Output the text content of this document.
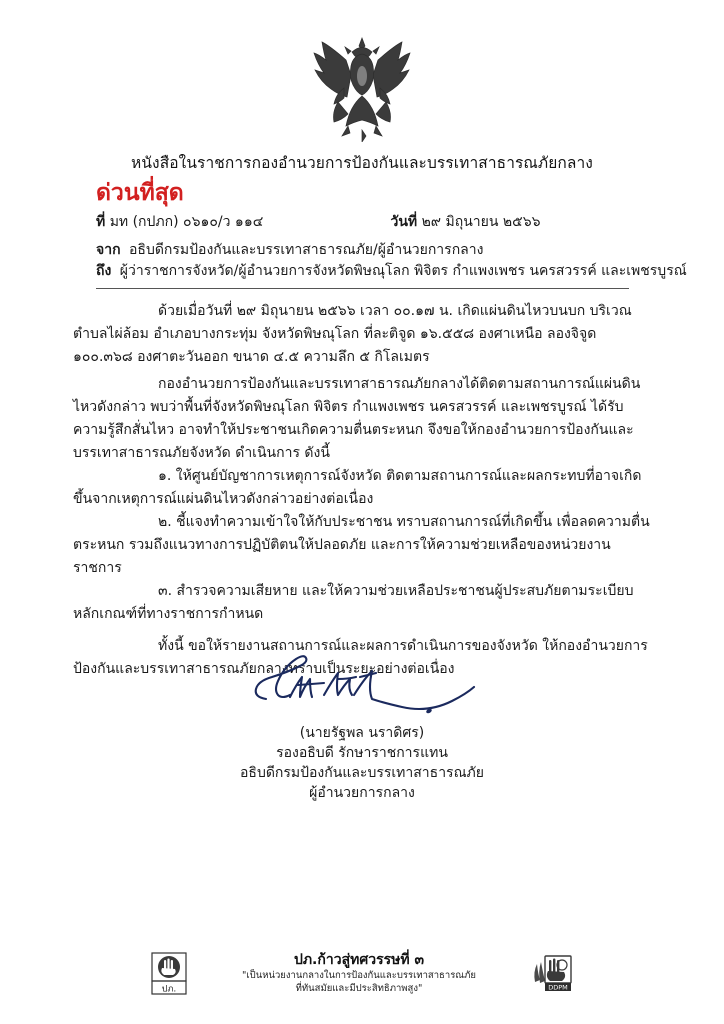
หนังสือในราชการกองอำนวยการป้องกันและบรรเทาสาธารณภัยกลาง
ด่วนที่สุด
ที่ มท (กปภก) ๐๖๑๐/ว ๑๑๔	วันที่ ๒๙ มิถุนายน ๒๕๖๖
จาก อธิบดีกรมป้องกันและบรรเทาสาธารณภัย/ผู้อำนวยการกลาง
ถึง ผู้ว่าราชการจังหวัด/ผู้อำนวยการจังหวัดพิษณุโลก พิจิตร กำแพงเพชร นครสวรรค์ และเพชรบูรณ์

ด้วยเมื่อวันที่ ๒๙ มิถุนายน ๒๕๖๖ เวลา ๐๐.๑๗ น. เกิดแผ่นดินไหวบนบก บริเวณ ตำบลไผ่ล้อม อำเภอบางกระทุ่ม จังหวัดพิษณุโลก ที่ละติจูด ๑๖.๕๕๘ องศาเหนือ ลองจิจูด ๑๐๐.๓๖๘ องศาตะวันออก ขนาด ๔.๕ ความลึก ๕ กิโลเมตร

กองอำนวยการป้องกันและบรรเทาสาธารณภัยกลางได้ติดตามสถานการณ์แผ่นดินไหวดังกล่าว พบว่าพื้นที่จังหวัดพิษณุโลก พิจิตร กำแพงเพชร นครสวรรค์ และเพชรบูรณ์ ได้รับความรู้สึกสั่นไหว อาจทำให้ประชาชนเกิดความตื่นตระหนก จึงขอให้กองอำนวยการป้องกันและบรรเทาสาธารณภัยจังหวัด ดำเนินการ ดังนี้

๑. ให้ศูนย์บัญชาการเหตุการณ์จังหวัด ติดตามสถานการณ์และผลกระทบที่อาจเกิดขึ้นจากเหตุการณ์แผ่นดินไหวดังกล่าวอย่างต่อเนื่อง

๒. ชี้แจงทำความเข้าใจให้กับประชาชน ทราบสถานการณ์ที่เกิดขึ้น เพื่อลดความตื่นตระหนก รวมถึงแนวทางการปฏิบัติตนให้ปลอดภัย และการให้ความช่วยเหลือของหน่วยงานราชการ

๓. สำรวจความเสียหาย และให้ความช่วยเหลือประชาชนผู้ประสบภัยตามระเบียบ หลักเกณฑ์ที่ทางราชการกำหนด

ทั้งนี้ ขอให้รายงานสถานการณ์และผลการดำเนินการของจังหวัด ให้กองอำนวยการป้องกันและบรรเทาสาธารณภัยกลางทราบเป็นระยะอย่างต่อเนื่อง

(นายรัฐพล นราดิศร)
รองอธิบดี รักษาราชการแทน
อธิบดีกรมป้องกันและบรรเทาสาธารณภัย
ผู้อำนวยการกลาง
ปภ.
ปภ.ก้าวสู่ทศวรรษที่ ๓
"เป็นหน่วยงานกลางในการป้องกันและบรรเทาสาธารณภัย
ที่ทันสมัยและมีประสิทธิภาพสูง"	DDPM
